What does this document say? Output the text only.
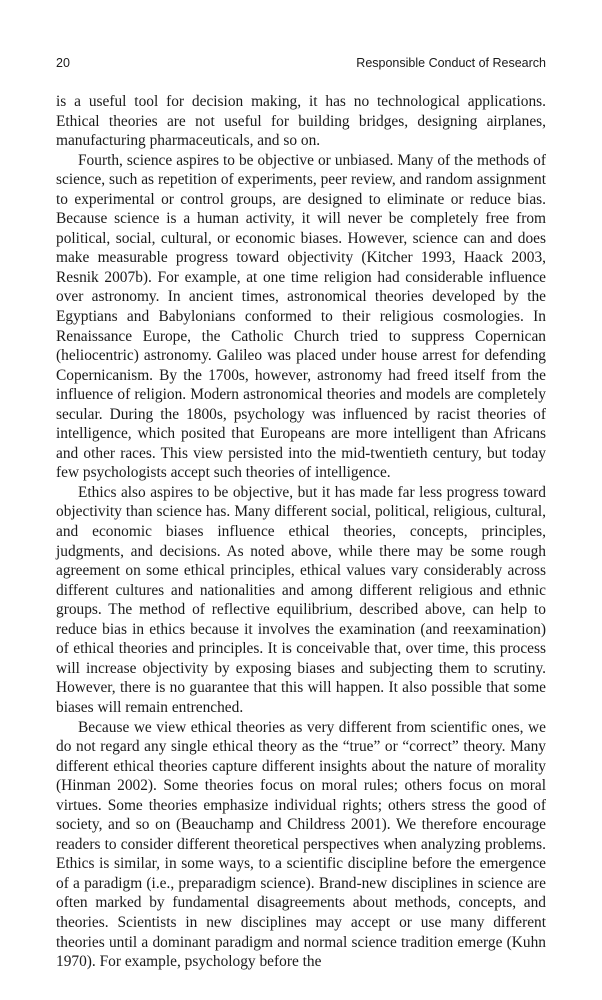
20	Responsible Conduct of Research

is a useful tool for decision making, it has no technological applications. Ethical theories are not useful for building bridges, designing airplanes, manufacturing pharmaceuticals, and so on.

Fourth, science aspires to be objective or unbiased. Many of the methods of science, such as repetition of experiments, peer review, and random assignment to experimental or control groups, are designed to eliminate or reduce bias. Because science is a human activity, it will never be completely free from political, social, cultural, or economic biases. However, science can and does make measurable progress toward objectivity (Kitcher 1993, Haack 2003, Resnik 2007b). For example, at one time religion had considerable influence over astronomy. In ancient times, astronomical theories developed by the Egyptians and Babylonians conformed to their religious cosmologies. In Renaissance Europe, the Catholic Church tried to suppress Copernican (heliocentric) astronomy. Galileo was placed under house arrest for defending Copernicanism. By the 1700s, however, astronomy had freed itself from the influence of religion. Modern astronomical theories and models are completely secular. During the 1800s, psychology was influenced by racist theories of intelligence, which posited that Europeans are more intelligent than Africans and other races. This view persisted into the mid-twentieth century, but today few psychologists accept such theories of intelligence.

Ethics also aspires to be objective, but it has made far less progress toward objectivity than science has. Many different social, political, religious, cultural, and economic biases influence ethical theories, concepts, principles, judgments, and decisions. As noted above, while there may be some rough agreement on some ethical principles, ethical values vary considerably across different cultures and nationalities and among different religious and ethnic groups. The method of reflective equilibrium, described above, can help to reduce bias in ethics because it involves the examination (and reexamination) of ethical theories and principles. It is conceivable that, over time, this process will increase objectivity by exposing biases and subjecting them to scrutiny. However, there is no guarantee that this will happen. It also possible that some biases will remain entrenched.

Because we view ethical theories as very different from scientific ones, we do not regard any single ethical theory as the “true” or “correct” theory. Many different ethical theories capture different insights about the nature of morality (Hinman 2002). Some theories focus on moral rules; others focus on moral virtues. Some theories emphasize individual rights; others stress the good of society, and so on (Beauchamp and Childress 2001). We therefore encourage readers to consider different theoretical perspectives when analyzing problems. Ethics is similar, in some ways, to a scientific discipline before the emergence of a paradigm (i.e., preparadigm science). Brand-new disciplines in science are often marked by fundamental disagreements about methods, concepts, and theories. Scientists in new disciplines may accept or use many different theories until a dominant paradigm and normal science tradition emerge (Kuhn 1970). For example, psychology before the
